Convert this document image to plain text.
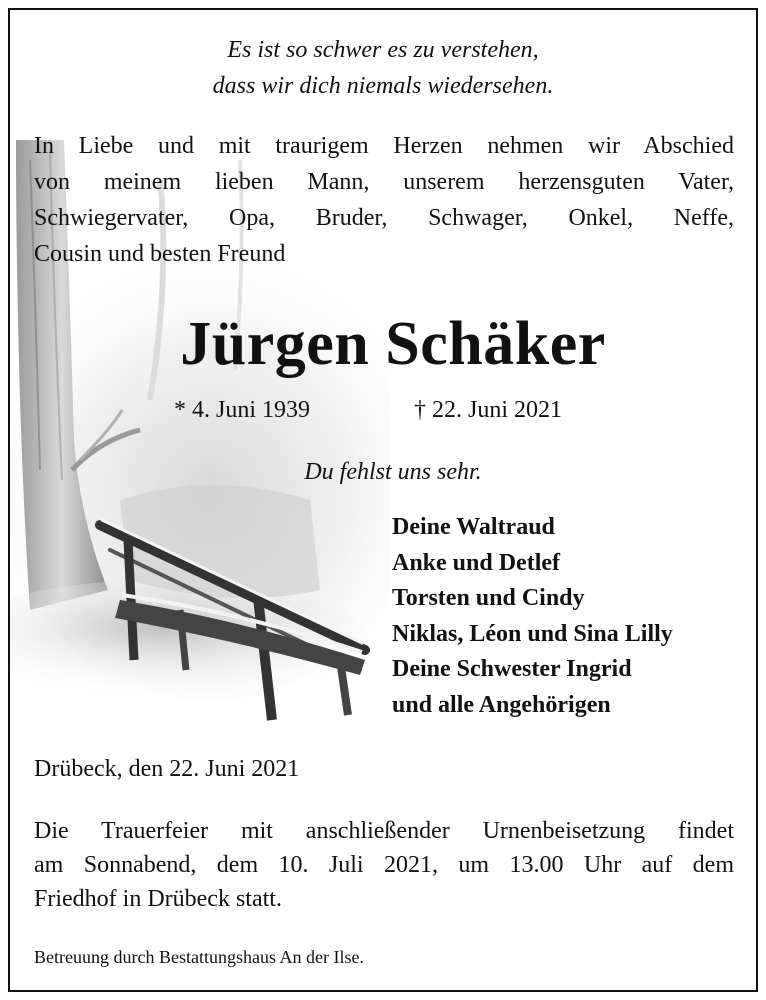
Es ist so schwer es zu verstehen,
dass wir dich niemals wiedersehen.
In Liebe und mit traurigem Herzen nehmen wir Abschied
von meinem lieben Mann, unserem herzensguten Vater,
Schwiegervater, Opa, Bruder, Schwager, Onkel, Neffe,
Cousin und besten Freund
Jürgen Schäker
* 4. Juni 1939	† 22. Juni 2021
Du fehlst uns sehr.
Deine Waltraud
Anke und Detlef
Torsten und Cindy
Niklas, Léon und Sina Lilly
Deine Schwester Ingrid
und alle Angehörigen
Drübeck, den 22. Juni 2021
Die Trauerfeier mit anschließender Urnenbeisetzung findet
am Sonnabend, dem 10. Juli 2021, um 13.00 Uhr auf dem
Friedhof in Drübeck statt.
Betreuung durch Bestattungshaus An der Ilse.
